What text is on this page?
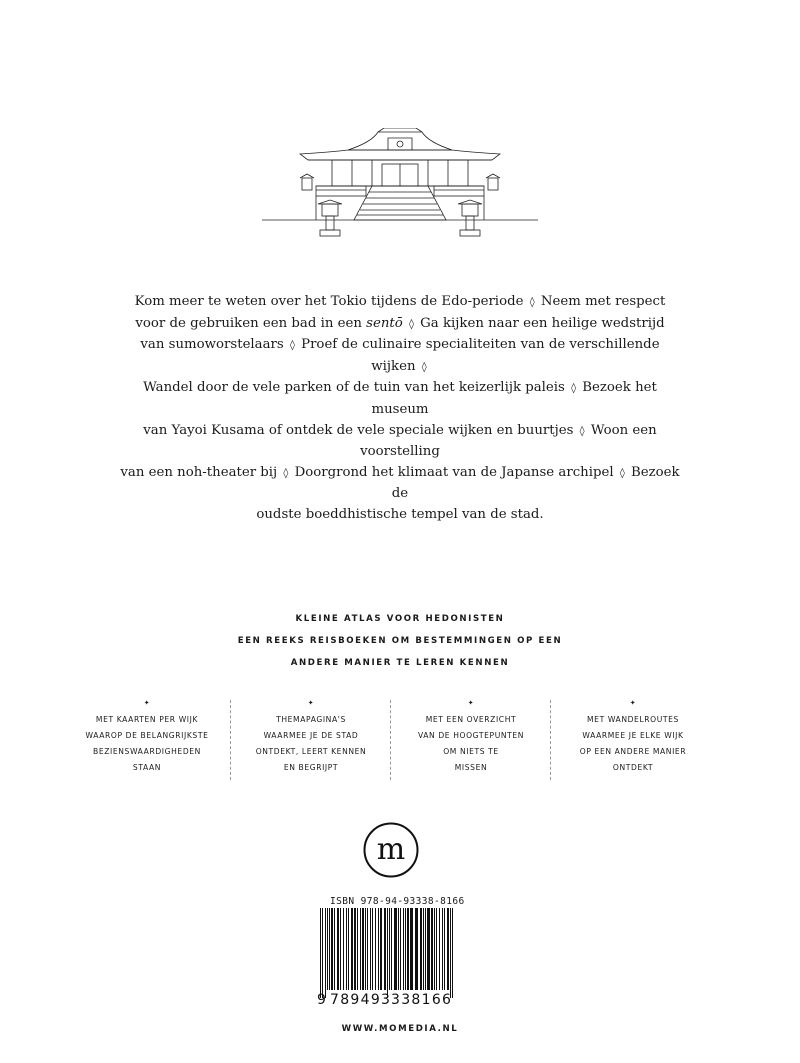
Kom meer te weten over het Tokio tijdens de Edo-periode ◊ Neem met respect
voor de gebruiken een bad in een sentō ◊ Ga kijken naar een heilige wedstrijd
van sumoworstelaars ◊ Proef de culinaire specialiteiten van de verschillende wijken ◊
Wandel door de vele parken of de tuin van het keizerlijk paleis ◊ Bezoek het museum
van Yayoi Kusama of ontdek de vele speciale wijken en buurtjes ◊ Woon een voorstelling
van een noh-theater bij ◊ Doorgrond het klimaat van de Japanse archipel ◊ Bezoek de
oudste boeddhistische tempel van de stad.
KLEINE ATLAS VOOR HEDONISTEN
EEN REEKS REISBOEKEN OM BESTEMMINGEN OP EEN
ANDERE MANIER TE LEREN KENNEN
✦
MET KAARTEN PER WIJK
WAAROP DE BELANGRIJKSTE
BEZIENSWAARDIGHEDEN
STAAN
✦
THEMAPAGINA'S
WAARMEE JE DE STAD
ONTDEKT, LEERT KENNEN
EN BEGRIJPT
✦
MET EEN OVERZICHT
VAN DE HOOGTEPUNTEN
OM NIETS TE
MISSEN
✦
MET WANDELROUTES
WAARMEE JE ELKE WIJK
OP EEN ANDERE MANIER
ONTDEKT
m
ISBN 978-94-93338-8166
9 789493 338166
WWW.MOMEDIA.NL
